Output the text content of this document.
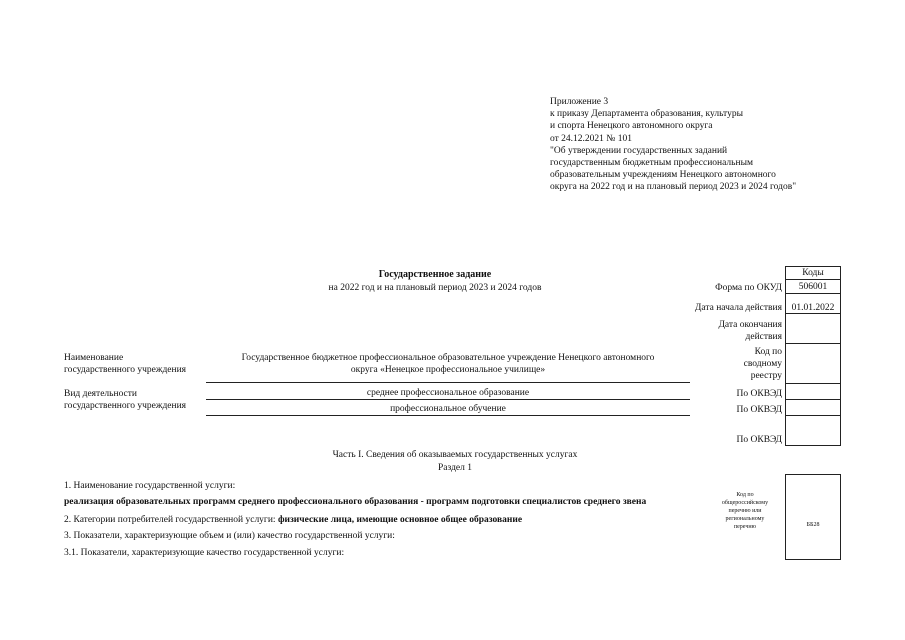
Приложение 3
к приказу Департамента образования, культуры
и спорта Ненецкого автономного округа
от 24.12.2021 № 101
"Об утверждении государственных заданий
государственным бюджетным профессиональным
образовательным учреждениям Ненецкого автономного
округа на 2022 год и на плановый период 2023 и 2024 годов"
Государственное задание
на 2022 год и на плановый период 2023 и 2024 годов
Коды
506001
Форма по ОКУД
01.01.2022
Дата начала действия
Дата окончания
действия
Код по
сводному
реестру
По ОКВЭД
По ОКВЭД
По ОКВЭД
Наименование
государственного учреждения
Государственное бюджетное профессиональное образовательное учреждение Ненецкого автономного
округа «Ненецкое профессиональное училище»
Вид деятельности
государственного учреждения
среднее профессиональное образование
профессиональное обучение
Часть I. Сведения об оказываемых государственных услугах
Раздел 1
1. Наименование государственной услуги:
реализация образовательных программ среднего профессионального образования - программ подготовки специалистов среднего звена
2. Категории потребителей государственной услуги: физические лица, имеющие основное общее образование
3. Показатели, характеризующие объем и (или) качество государственной услуги:
3.1. Показатели, характеризующие качество государственной услуги:
Код по общероссийскому перечню или региональному перечню	ББ28
